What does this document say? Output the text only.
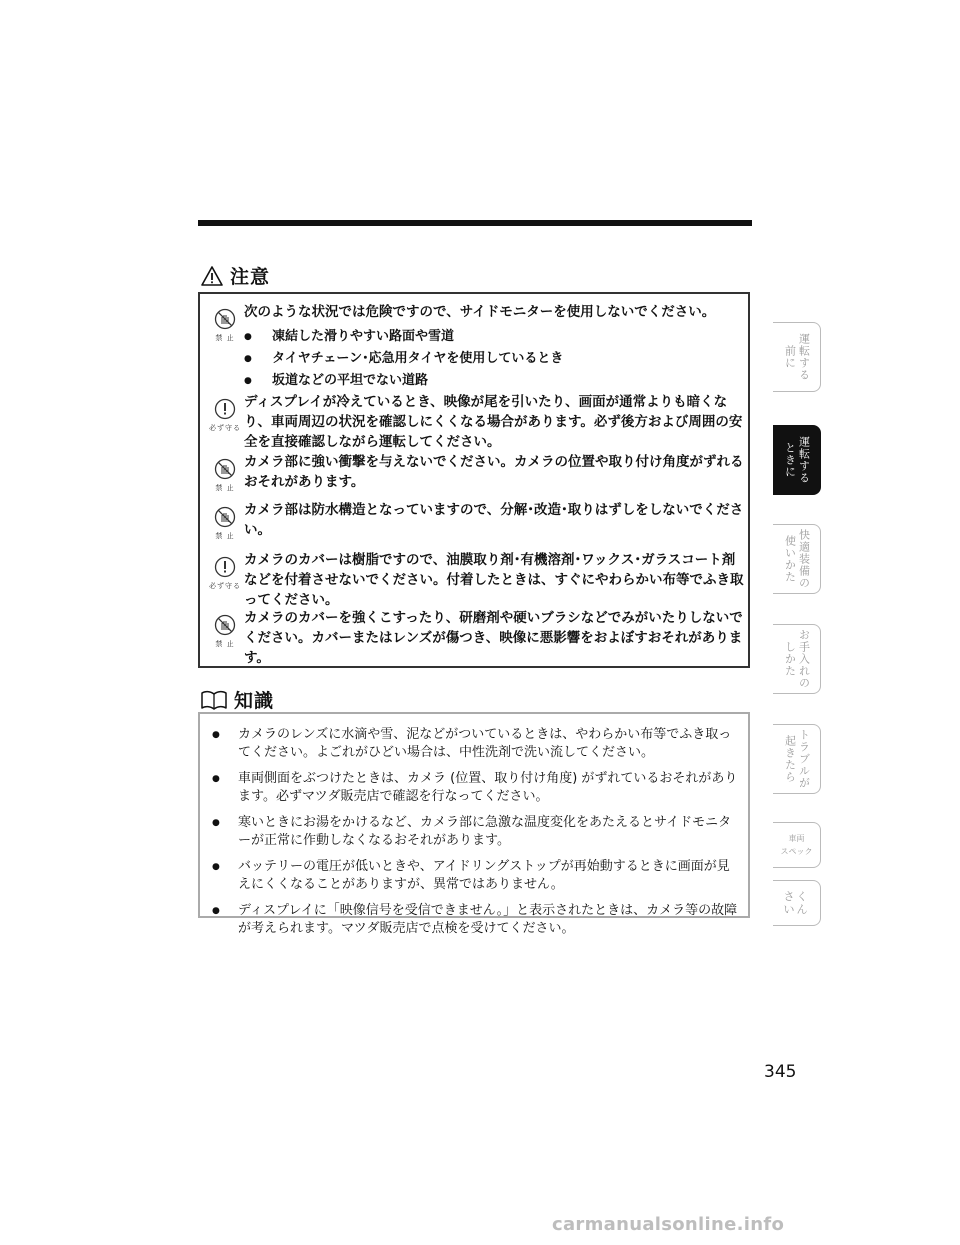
注意
禁 止
次のような状況では危険ですので、サイドモニターを使用しないでください。
● 凍結した滑りやすい路面や雪道
● タイヤチェーン･応急用タイヤを使用しているとき
● 坂道などの平坦でない道路
必ず守る
ディスプレイが冷えているとき、映像が尾を引いたり、画面が通常よりも暗くなり、車両周辺の状況を確認しにくくなる場合があります。必ず後方および周囲の安全を直接確認しながら運転してください。
禁 止
カメラ部に強い衝撃を与えないでください。カメラの位置や取り付け角度がずれるおそれがあります。
禁 止
カメラ部は防水構造となっていますので、分解･改造･取りはずしをしないでください。
必ず守る
カメラのカバーは樹脂ですので、油膜取り剤･有機溶剤･ワックス･ガラスコート剤などを付着させないでください。付着したときは、すぐにやわらかい布等でふき取ってください。
禁 止
カメラのカバーを強くこすったり、研磨剤や硬いブラシなどでみがいたりしないでください。カバーまたはレンズが傷つき、映像に悪影響をおよぼすおそれがあります。
知識
● カメラのレンズに水滴や雪、泥などがついているときは、やわらかい布等でふき取ってください。よごれがひどい場合は、中性洗剤で洗い流してください。
● 車両側面をぶつけたときは、カメラ (位置、取り付け角度) がずれているおそれがあります。必ずマツダ販売店で確認を行なってください。
● 寒いときにお湯をかけるなど、カメラ部に急激な温度変化をあたえるとサイドモニターが正常に作動しなくなるおそれがあります。
● バッテリーの電圧が低いときや、アイドリングストップが再始動するときに画面が見えにくくなることがありますが、異常ではありません。
● ディスプレイに「映像信号を受信できません。」と表示されたときは、カメラ等の故障が考えられます。マツダ販売店で点検を受けてください。
運転する
前に
運転する
ときに
快適装備の
使いかた
お手入れの
しかた
トラブルが
起きたら
車両
スペック
さく
いん
345
carmanualsonline.info
